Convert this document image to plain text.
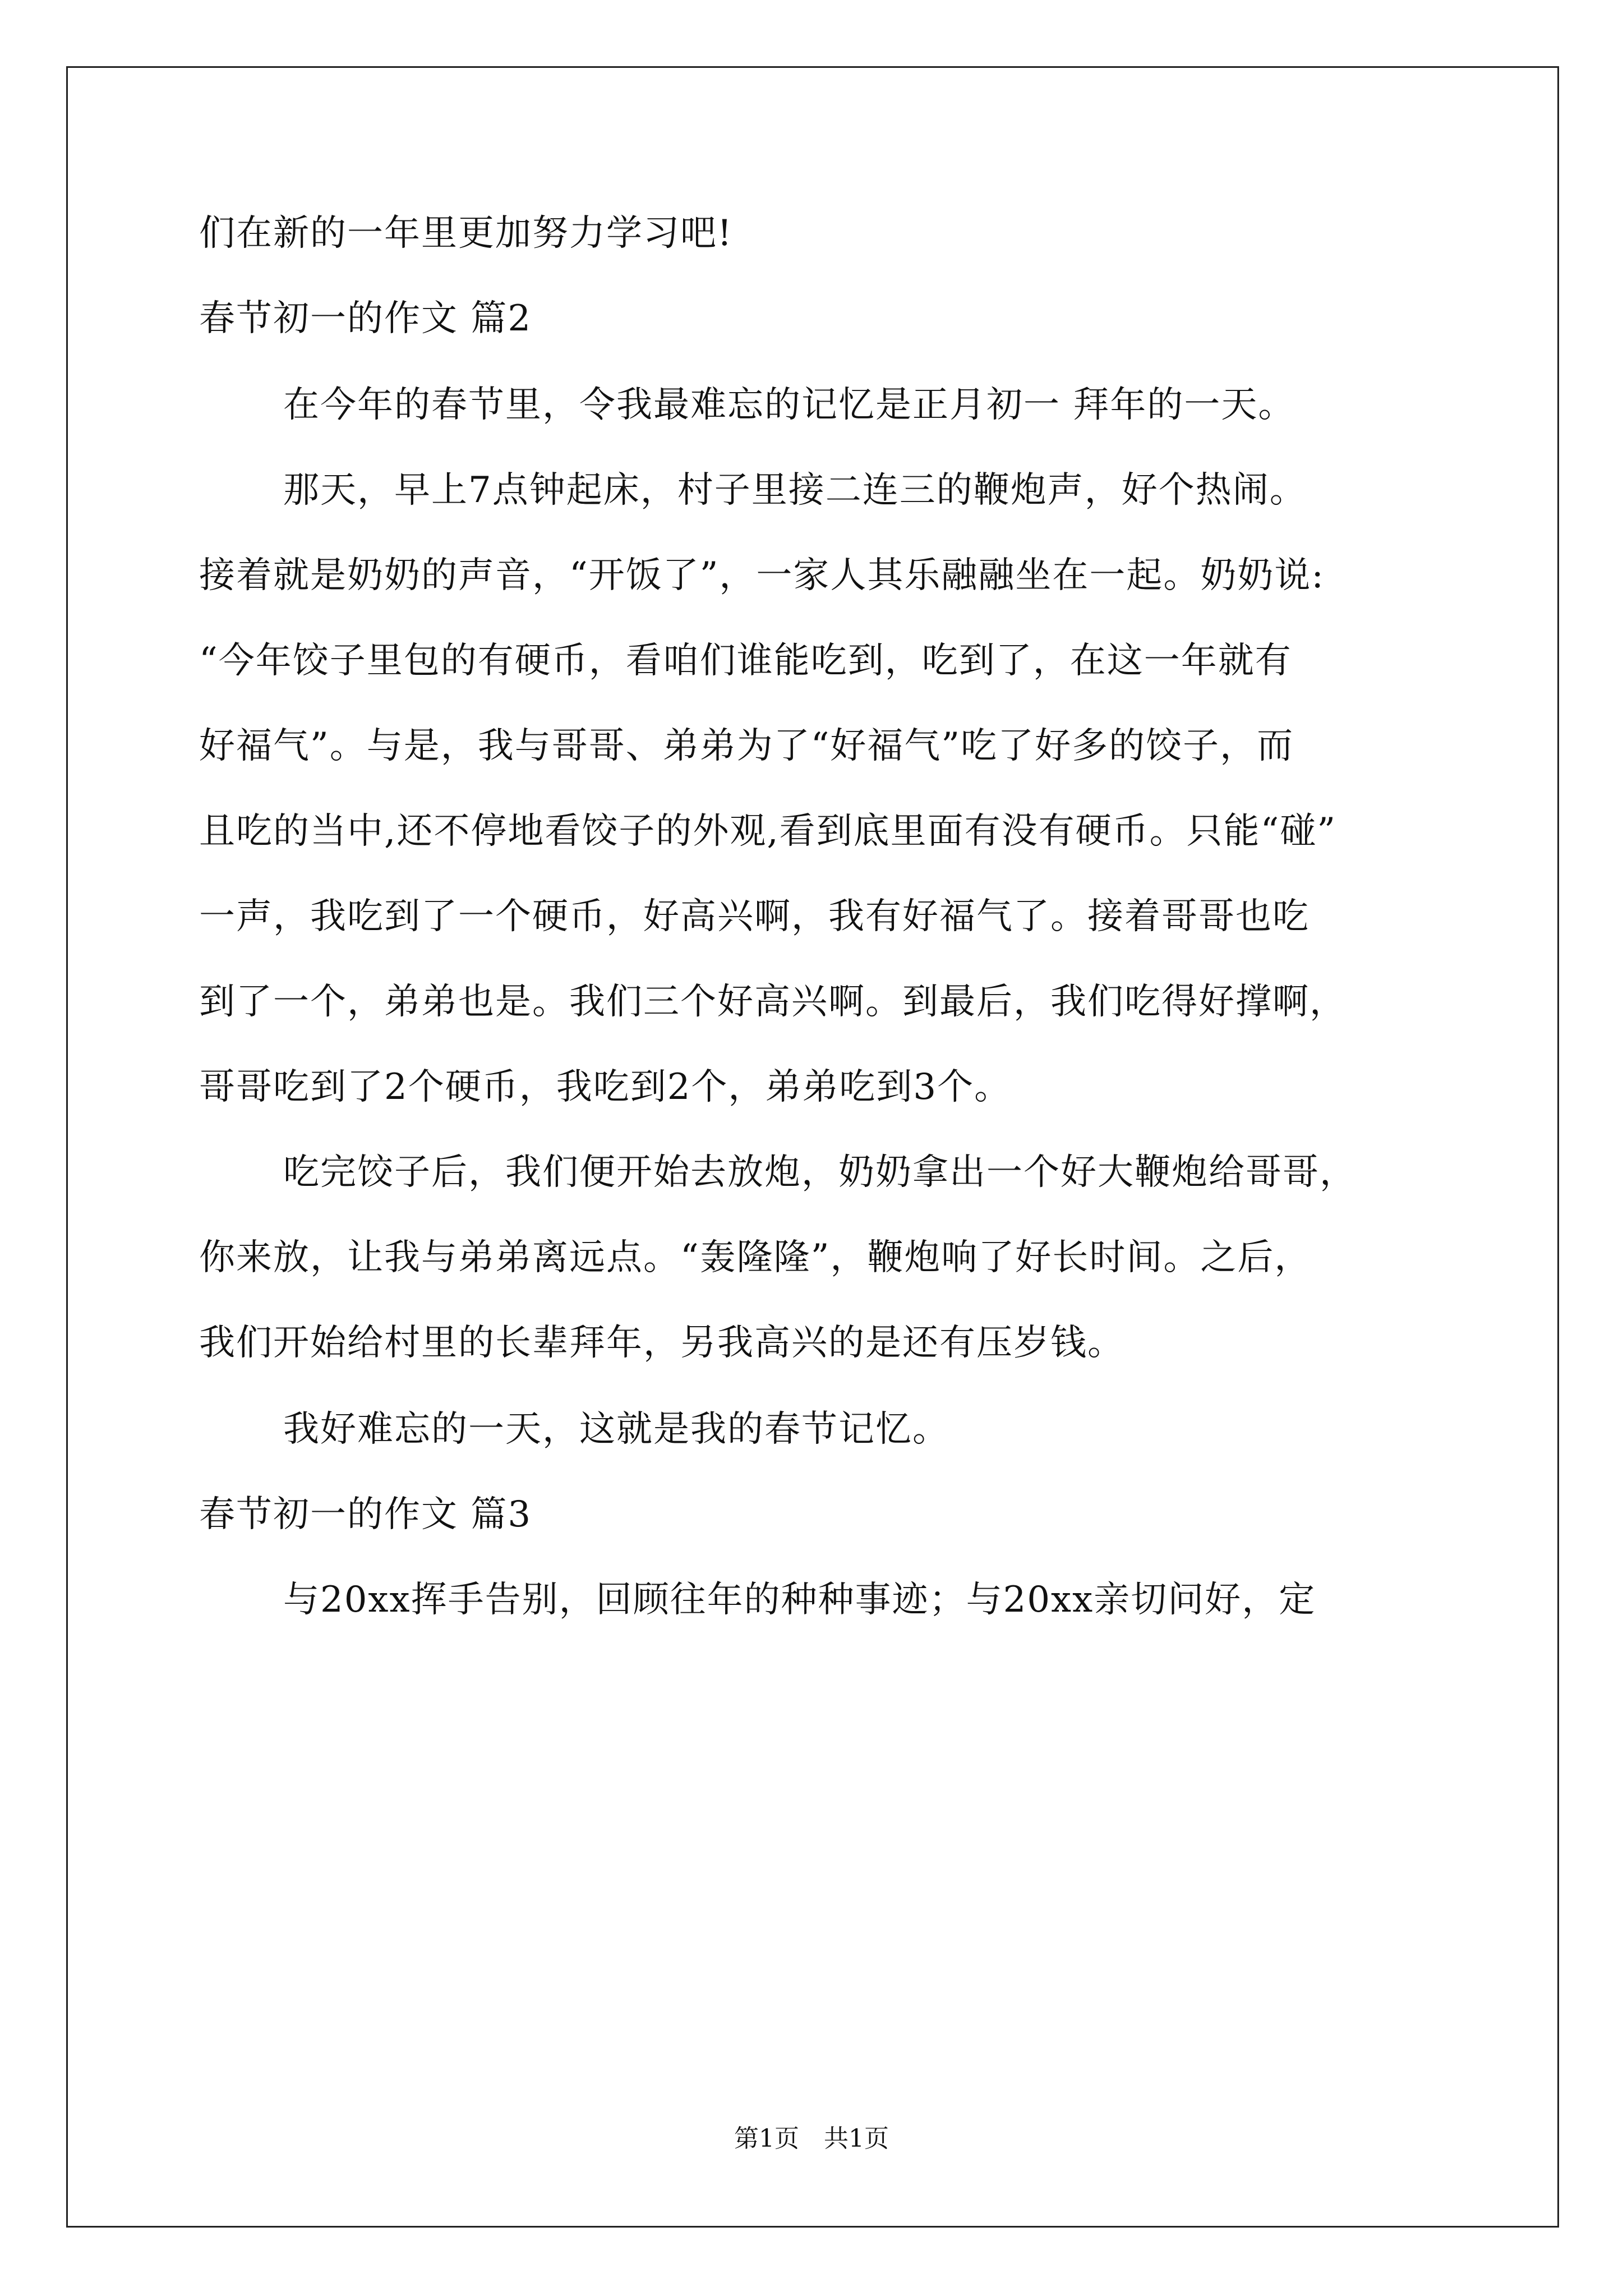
们在新的一年里更加努力学习吧!
春节初一的作文 篇2
在今年的春节里，令我最难忘的记忆是正月初一 拜年的一天。
那天，早上7点钟起床，村子里接二连三的鞭炮声，好个热闹。
接着就是奶奶的声音，“开饭了”，一家人其乐融融坐在一起。奶奶说:
“今年饺子里包的有硬币，看咱们谁能吃到，吃到了，在这一年就有
好福气”。与是，我与哥哥、弟弟为了“好福气”吃了好多的饺子，而
且吃的当中,还不停地看饺子的外观,看到底里面有没有硬币。只能“碰”
一声，我吃到了一个硬币，好高兴啊，我有好福气了。接着哥哥也吃
到了一个，弟弟也是。我们三个好高兴啊。到最后，我们吃得好撑啊，
哥哥吃到了2个硬币，我吃到2个，弟弟吃到3个。
吃完饺子后，我们便开始去放炮，奶奶拿出一个好大鞭炮给哥哥，
你来放，让我与弟弟离远点。“轰隆隆”，鞭炮响了好长时间。之后，
我们开始给村里的长辈拜年，另我高兴的是还有压岁钱。
我好难忘的一天，这就是我的春节记忆。
春节初一的作文 篇3
与20xx挥手告别，回顾往年的种种事迹；与20xx亲切问好，定
第1页　共1页
